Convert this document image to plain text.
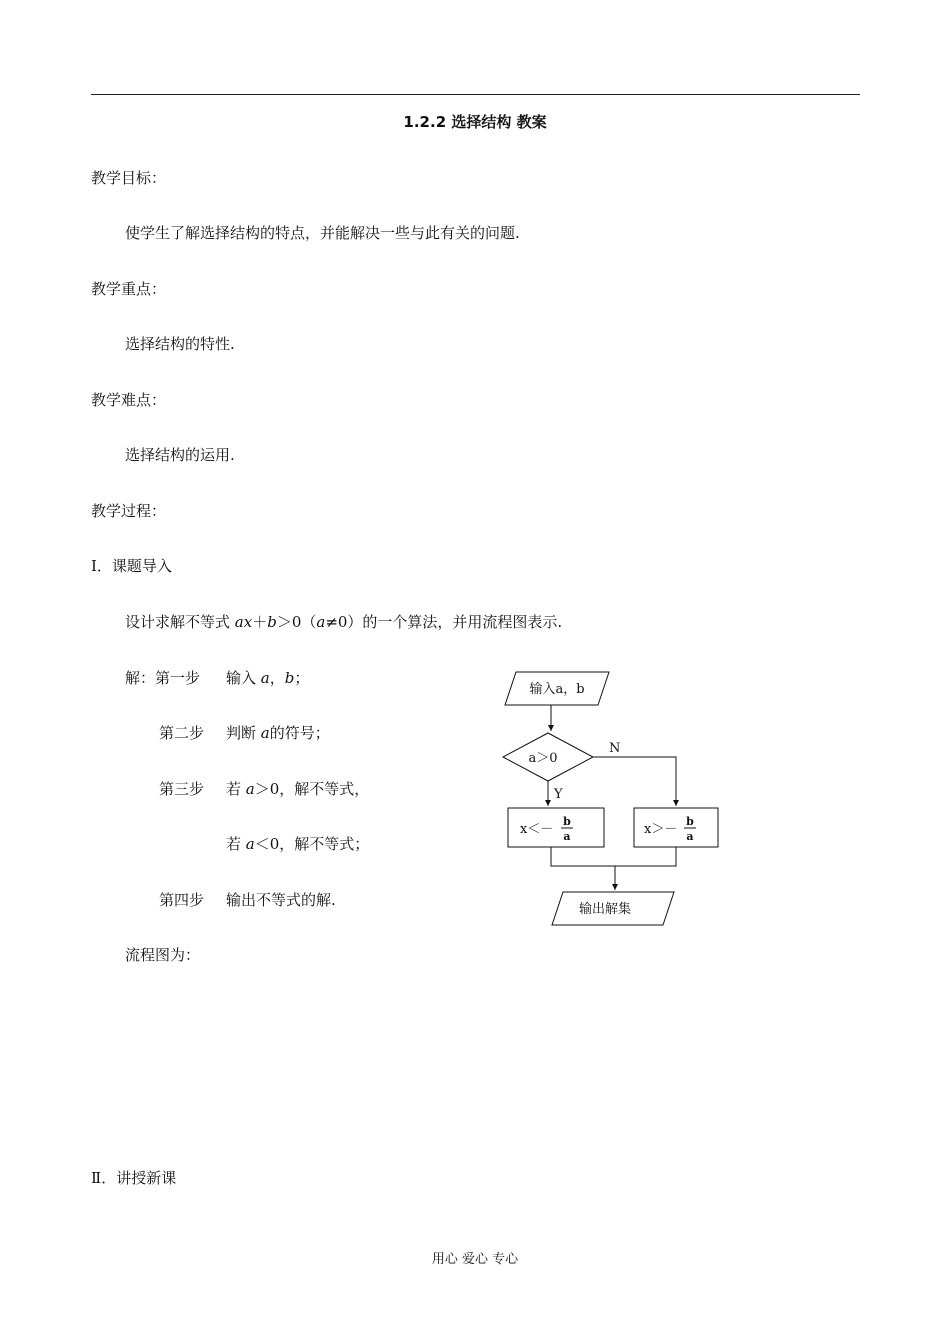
1.2.2 选择结构 教案
教学目标：
使学生了解选择结构的特点，并能解决一些与此有关的问题.
教学重点：
选择结构的特性.
教学难点：
选择结构的运用.
教学过程：
Ⅰ．课题导入
设计求解不等式 ax＋b＞0（a≠0）的一个算法，并用流程图表示.
解：第一步 输入 a，b；
第二步 判断 a的符号；
第三步 若 a＞0，解不等式，
若 a＜0，解不等式；
第四步 输出不等式的解.
流程图为：
Ⅱ．讲授新课
输入a，b
a＞0
Y
N
x＜－
b
a	x＞－
b
a
输出解集
用心 爱心 专心
